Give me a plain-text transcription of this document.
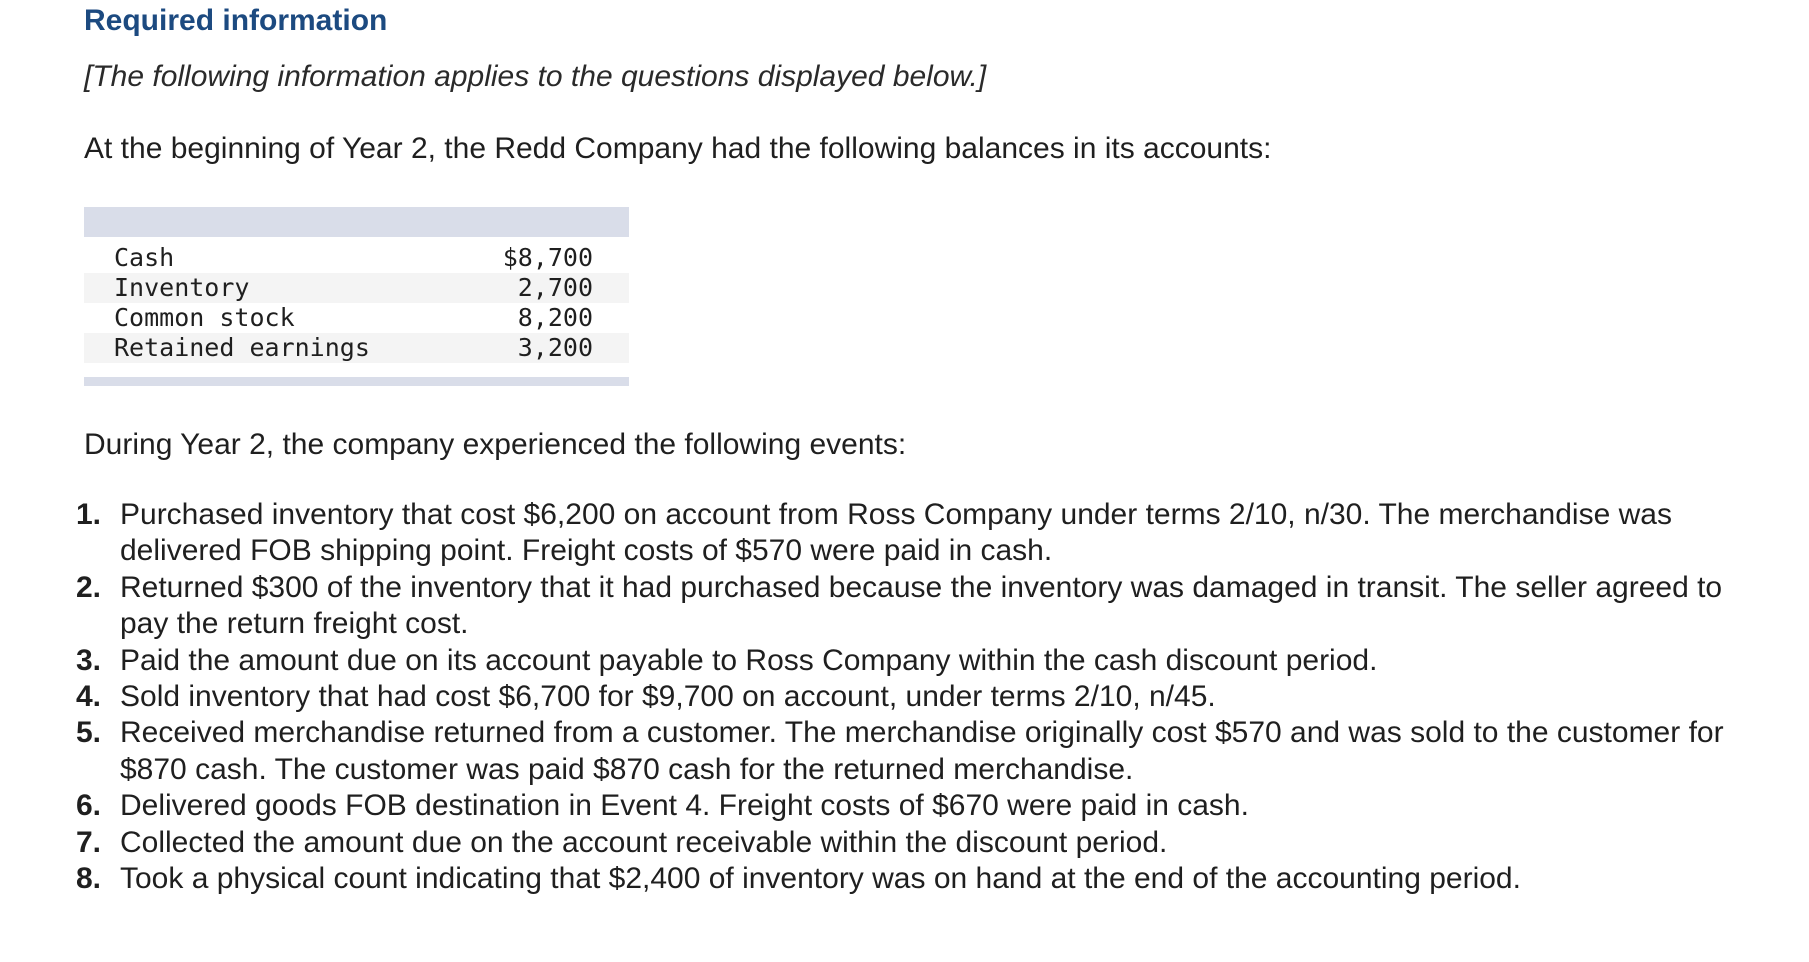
Required information
[The following information applies to the questions displayed below.]
At the beginning of Year 2, the Redd Company had the following balances in its accounts:
Cash	$8,700
Inventory	2,700
Common stock	8,200
Retained earnings	3,200
During Year 2, the company experienced the following events:
1. Purchased inventory that cost $6,200 on account from Ross Company under terms 2/10, n/30. The merchandise was delivered FOB shipping point. Freight costs of $570 were paid in cash.
2. Returned $300 of the inventory that it had purchased because the inventory was damaged in transit. The seller agreed to pay the return freight cost.
3. Paid the amount due on its account payable to Ross Company within the cash discount period.
4. Sold inventory that had cost $6,700 for $9,700 on account, under terms 2/10, n/45.
5. Received merchandise returned from a customer. The merchandise originally cost $570 and was sold to the customer for $870 cash. The customer was paid $870 cash for the returned merchandise.
6. Delivered goods FOB destination in Event 4. Freight costs of $670 were paid in cash.
7. Collected the amount due on the account receivable within the discount period.
8. Took a physical count indicating that $2,400 of inventory was on hand at the end of the accounting period.
